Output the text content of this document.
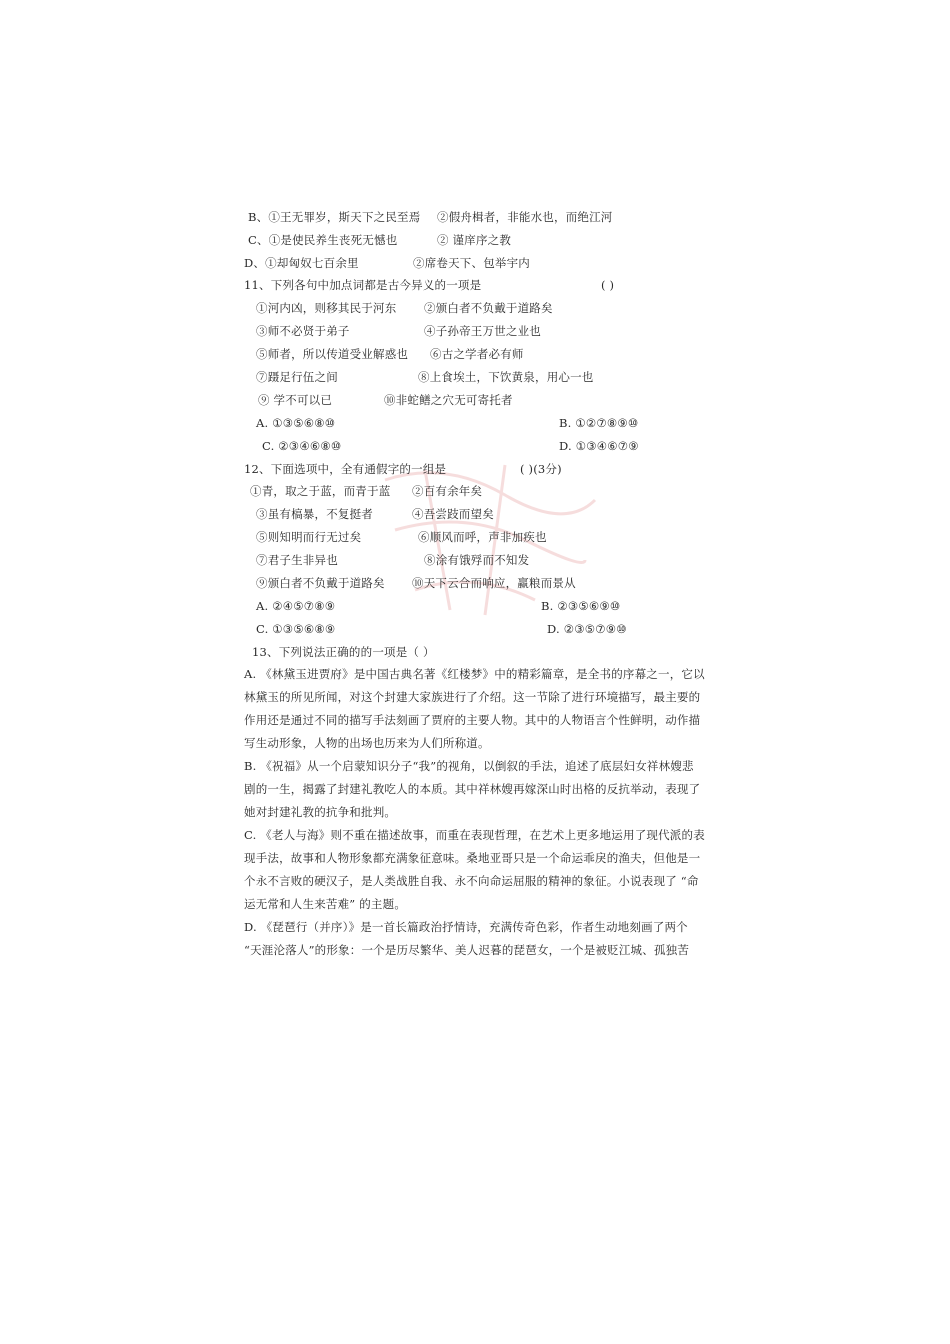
B、①王无罪岁，斯天下之民至焉 ②假舟楫者，非能水也，而绝江河
C、①是使民养生丧死无憾也	② 谨庠序之教
D、①却匈奴七百余里	②席卷天下、包举宇内
11、下列各句中加点词都是古今异义的一项是	( )
①河内凶，则移其民于河东 ②颁白者不负戴于道路矣
③师不必贤于弟子	④子孙帝王万世之业也
⑤师者，所以传道受业解惑也 ⑥古之学者必有师
⑦蹑足行伍之间	⑧上食埃土，下饮黄泉，用心一也
⑨ 学不可以已	⑩非蛇鳝之穴无可寄托者
A. ①③⑤⑥⑧⑩	B. ①②⑦⑧⑨⑩
C. ②③④⑥⑧⑩	D. ①③④⑥⑦⑨
12、下面选项中，全有通假字的一组是	( )(3分)
①青，取之于蓝，而青于蓝 ②百有余年矣
③虽有槁暴，不复挺者	④吾尝跂而望矣
⑤则知明而行无过矣	⑥顺风而呼，声非加疾也
⑦君子生非异也	⑧涂有饿殍而不知发
⑨颁白者不负戴于道路矣 ⑩天下云合而响应，赢粮而景从
A. ②④⑤⑦⑧⑨	B. ②③⑤⑥⑨⑩
C. ①③⑤⑥⑧⑨	D. ②③⑤⑦⑨⑩
13、下列说法正确的的一项是（ ）
A. 《林黛玉进贾府》是中国古典名著《红楼梦》中的精彩篇章，是全书的序幕之一，它以
林黛玉的所见所闻，对这个封建大家族进行了介绍。这一节除了进行环境描写，最主要的
作用还是通过不同的描写手法刻画了贾府的主要人物。其中的人物语言个性鲜明，动作描
写生动形象，人物的出场也历来为人们所称道。
B. 《祝福》从一个启蒙知识分子“我”的视角，以倒叙的手法，追述了底层妇女祥林嫂悲
剧的一生，揭露了封建礼教吃人的本质。其中祥林嫂再嫁深山时出格的反抗举动，表现了
她对封建礼教的抗争和批判。
C. 《老人与海》则不重在描述故事，而重在表现哲理，在艺术上更多地运用了现代派的表
现手法，故事和人物形象都充满象征意味。桑地亚哥只是一个命运乖戾的渔夫，但他是一
个永不言败的硬汉子，是人类战胜自我、永不向命运屈服的精神的象征。小说表现了 “命
运无常和人生来苦难” 的主题。
D. 《琵琶行（并序）》是一首长篇政治抒情诗，充满传奇色彩，作者生动地刻画了两个
“天涯沦落人”的形象：一个是历尽繁华、美人迟暮的琵琶女，一个是被贬江城、孤独苦
